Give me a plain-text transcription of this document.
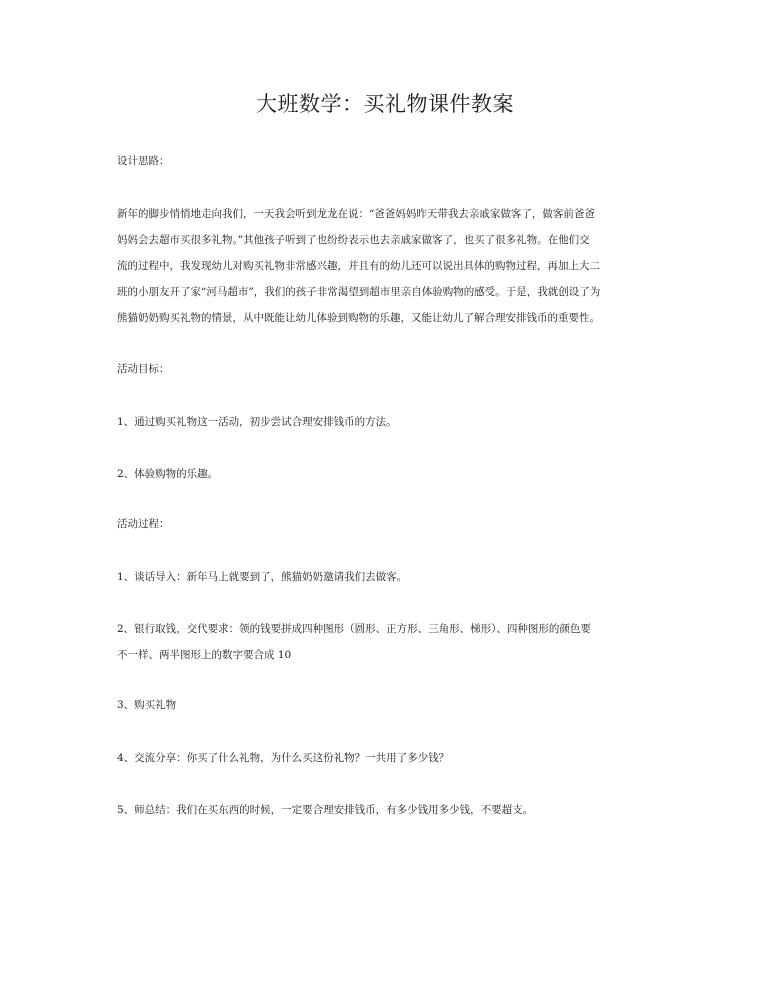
大班数学：买礼物课件教案

设计思路：

新年的脚步悄悄地走向我们，一天我会听到龙龙在说：“爸爸妈妈昨天带我去亲戚家做客了，做客前爸爸
妈妈会去超市买很多礼物。”其他孩子听到了也纷纷表示也去亲戚家做客了，也买了很多礼物。在他们交
流的过程中，我发现幼儿对购买礼物非常感兴趣，并且有的幼儿还可以说出具体的购物过程，再加上大二
班的小朋友开了家“河马超市”，我们的孩子非常渴望到超市里亲自体验购物的感受。于是，我就创设了为
熊猫奶奶购买礼物的情景，从中既能让幼儿体验到购物的乐趣，又能让幼儿了解合理安排钱币的重要性。

活动目标：

1、通过购买礼物这一活动，初步尝试合理安排钱币的方法。

2、体验购物的乐趣。

活动过程：

1、谈话导入：新年马上就要到了，熊猫奶奶邀请我们去做客。

2、银行取钱，交代要求：领的钱要拼成四种图形（圆形、正方形、三角形、梯形）、四种图形的颜色要
不一样、两半图形上的数字要合成 10

3、购买礼物

4、交流分享：你买了什么礼物，为什么买这份礼物？一共用了多少钱？

5、师总结：我们在买东西的时候，一定要合理安排钱币，有多少钱用多少钱，不要超支。
